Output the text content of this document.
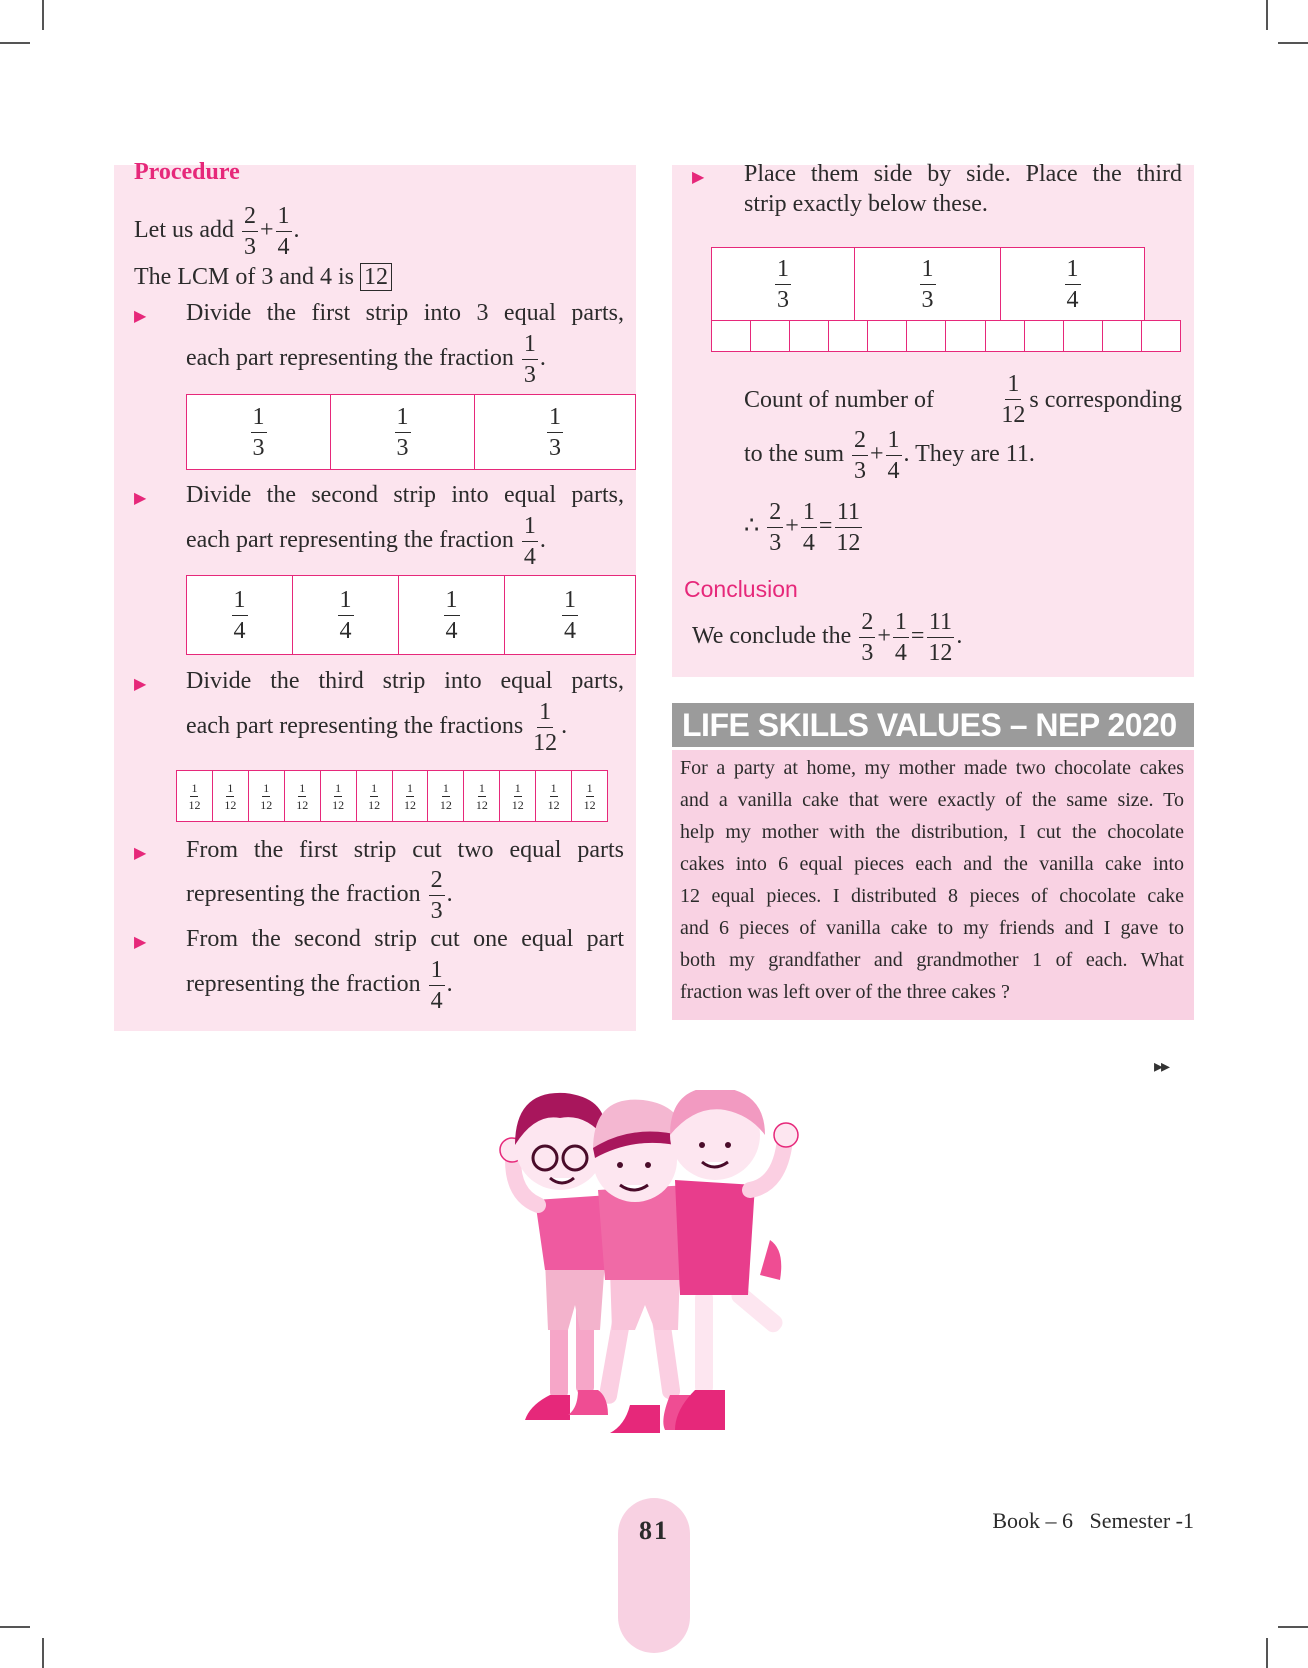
Procedure
Let us add $\frac{2}{3} + \frac{1}{4}$ .
The LCM of 3 and 4 is 12
▶ Divide the first strip into 3 equal parts,
each part representing the fraction $\frac{1}{3}$ .
$\frac{1}{3}$	$\frac{1}{3}$	$\frac{1}{3}$
▶ Divide the second strip into equal parts,
each part representing the fraction $\frac{1}{4}$ .
$\frac{1}{4}$	$\frac{1}{4}$	$\frac{1}{4}$	$\frac{1}{4}$
▶ Divide the third strip into equal parts,
each part representing the fractions $\frac{1}{12}$ .
$\frac{1}{12} \frac{1}{12} \frac{1}{12} \frac{1}{12} \frac{1}{12} \frac{1}{12} \frac{1}{12} \frac{1}{12} \frac{1}{12} \frac{1}{12} \frac{1}{12} \frac{1}{12}$
▶ From the first strip cut two equal parts
representing the fraction $\frac{2}{3}$ .
▶ From the second strip cut one equal part
representing the fraction $\frac{1}{4}$ .
▶ Place them side by side. Place the third
strip exactly below these.
$\frac{1}{3}$	$\frac{1}{3}$	$\frac{1}{4}$
Count of number of	$\frac{1}{12}$ s corresponding
to the sum $\frac{2}{3} + \frac{1}{4}$ . They are 11.
∴ $\frac{2}{3} + \frac{1}{4} = \frac{11}{12}$
Conclusion
We conclude the $\frac{2}{3} + \frac{1}{4} = \frac{11}{12}$ .
LIFE SKILLS VALUES – NEP 2020
For a party at home, my mother made two chocolate cakes
and a vanilla cake that were exactly of the same size. To
help my mother with the distribution, I cut the chocolate
cakes into 6 equal pieces each and the vanilla cake into
12 equal pieces. I distributed 8 pieces of chocolate cake
and 6 pieces of vanilla cake to my friends and I gave to
both my grandfather and grandmother 1 of each. What
fraction was left over of the three cakes ?
▸▸
81	Book – 6   Semester -1
